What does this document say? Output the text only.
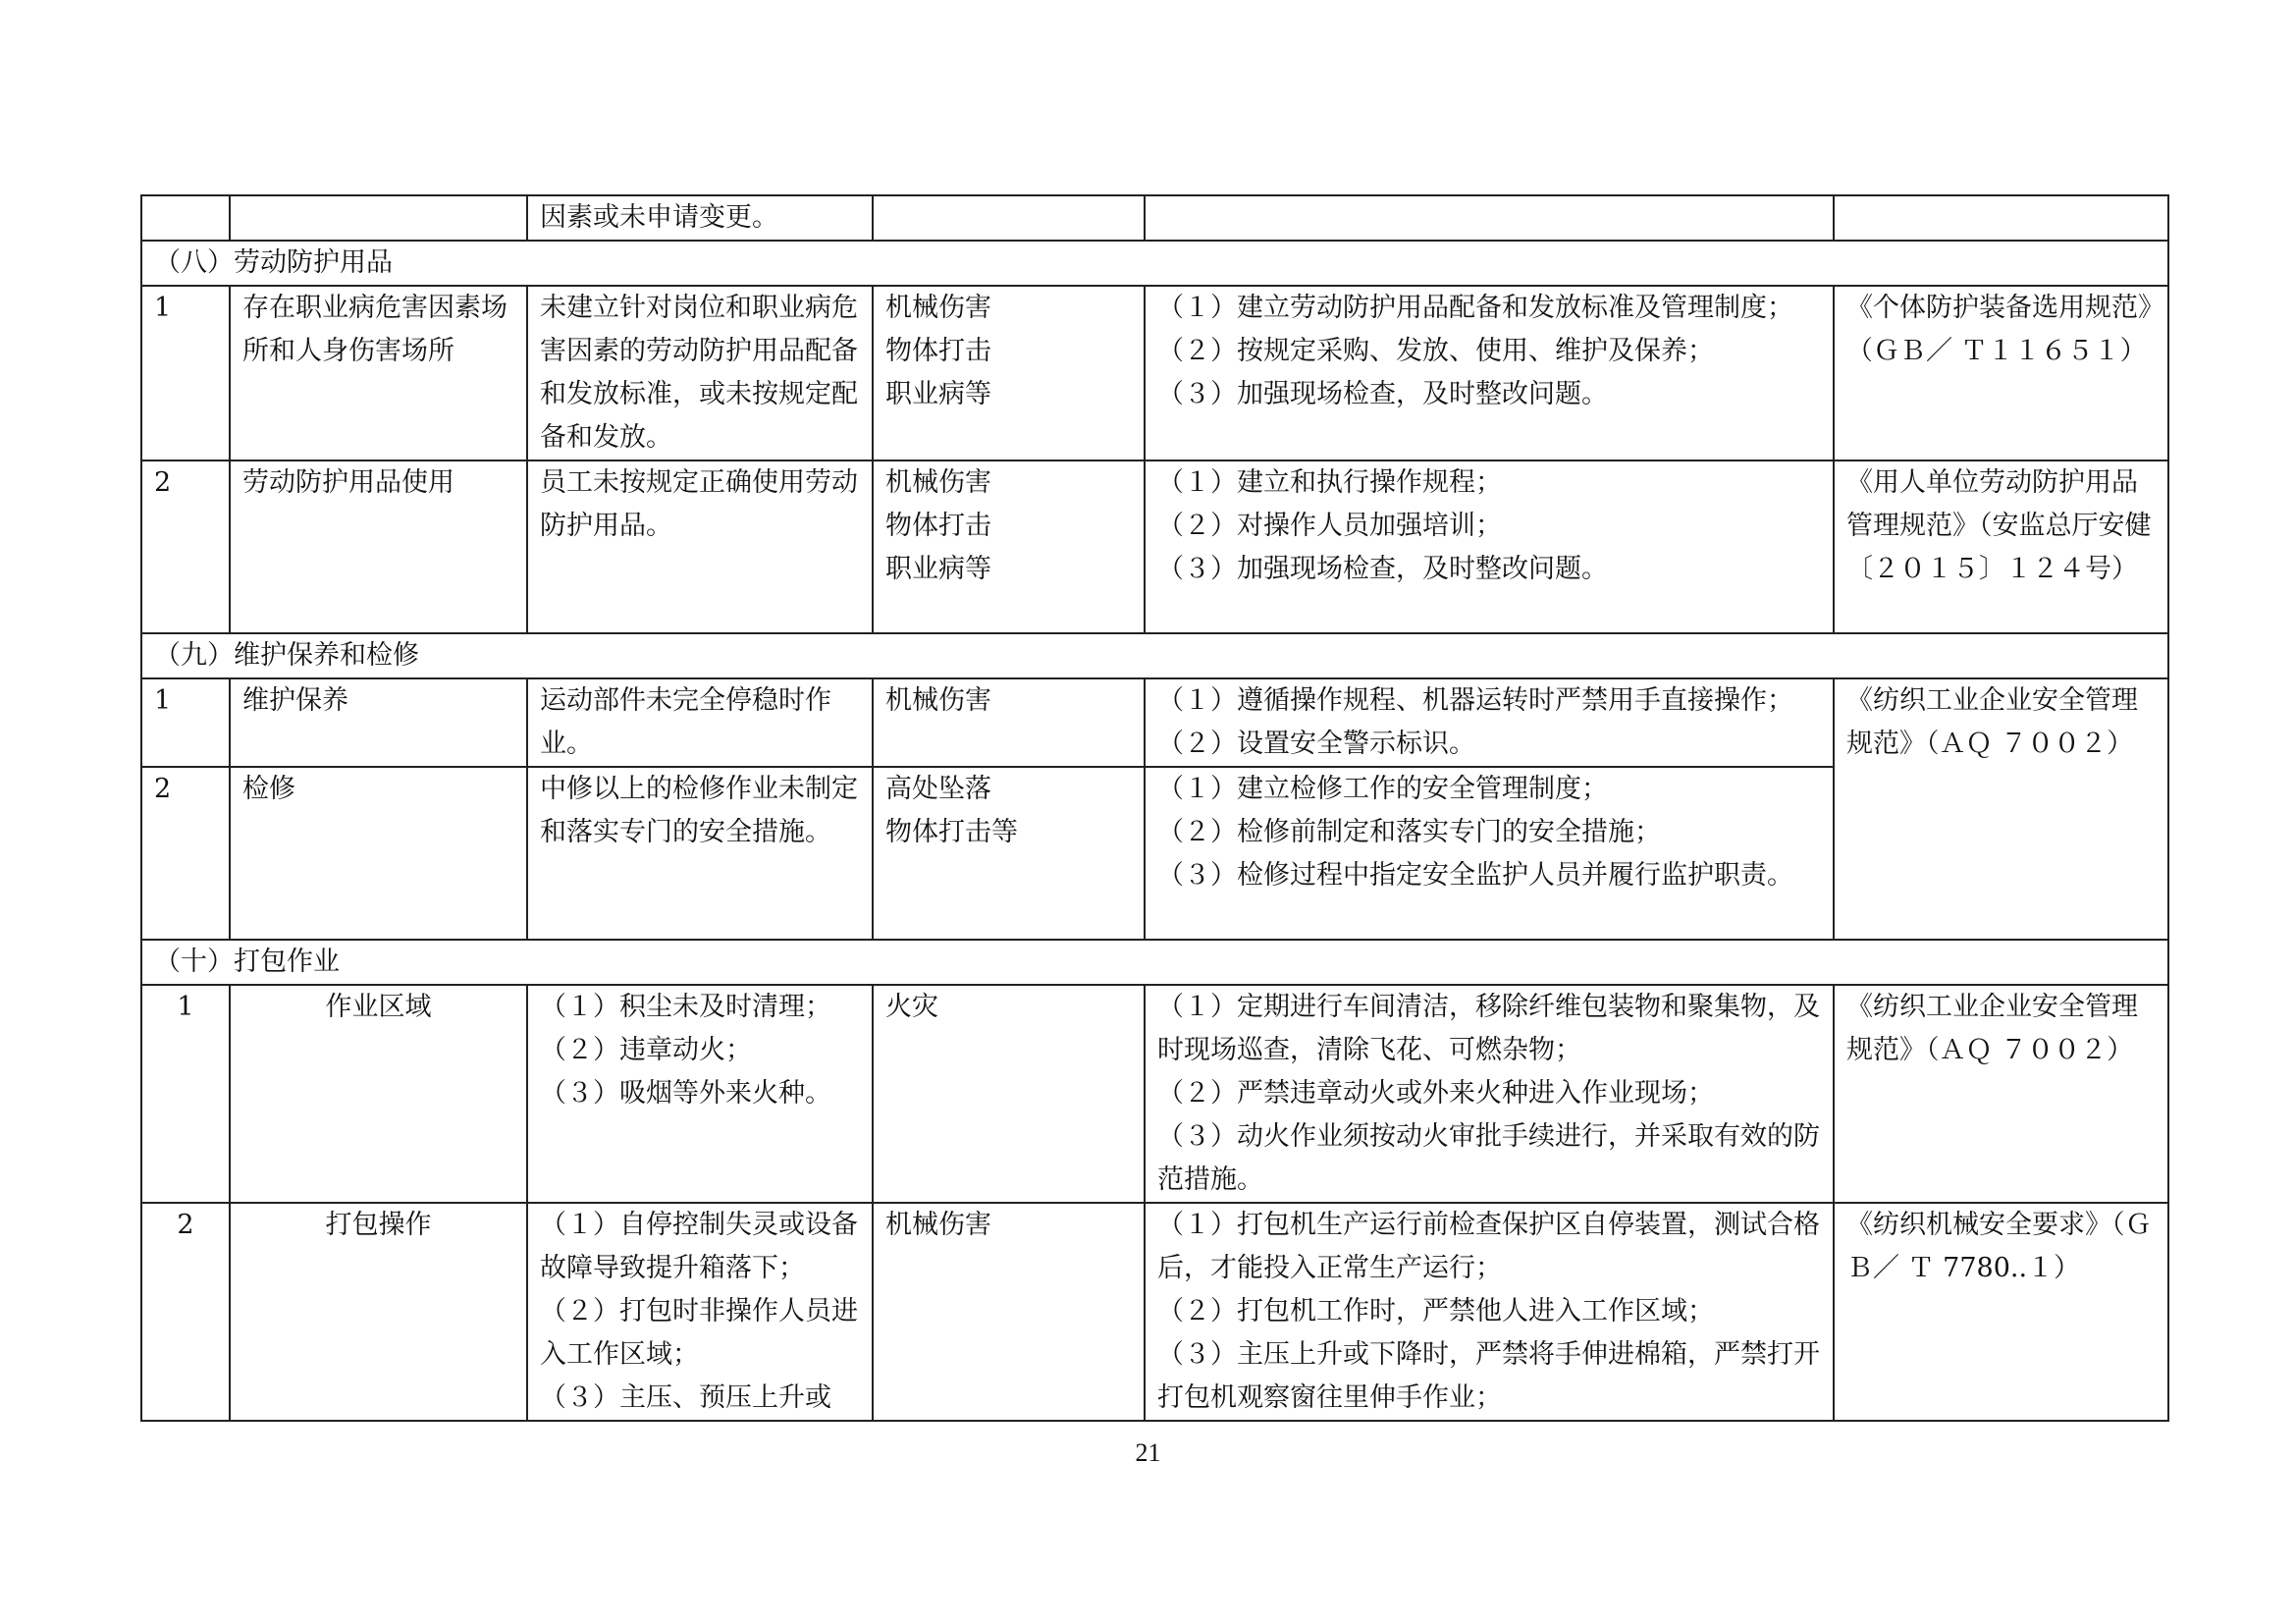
		因素或未申请变更。			
（八）劳动防护用品					
1	存在职业病危害因素场 所和人身伤害场所	未建立针对岗位和职业病危害因素的劳动防护用品配备和发放标准，或未按规定配备和发放。	机械伤害
物体打击
职业病等	（１）建立劳动防护用品配备和发放标准及管理制度；
（２）按规定采购、发放、使用、维护及保养；
（３）加强现场检查，及时整改问题。	《个体防护装备选用规范》（ＧＢ／ Ｔ１１６５１）
2	劳动防护用品使用	员工未按规定正确使用劳动防护用品。	机械伤害
物体打击
职业病等	（１）建立和执行操作规程；
（２）对操作人员加强培训；
（３）加强现场检查，及时整改问题。	《用人单位劳动防护用品管理规范》（安监总厅安健〔２０１５〕１２４号）
（九）维护保养和检修					
1	维护保养	运动部件未完全停稳时作业。	机械伤害	（１）遵循操作规程、机器运转时严禁用手直接操作；
（２）设置安全警示标识。	《纺织工业企业安全管理规范》（ＡＱ ７００２）
2	检修	中修以上的检修作业未制定和落实专门的安全措施。	高处坠落
物体打击等	（１）建立检修工作的安全管理制度；
（２）检修前制定和落实专门的安全措施；
（３）检修过程中指定安全监护人员并履行监护职责。	

（十）打包作业					
1	作业区域	（１）积尘未及时清理；
（２）违章动火；
（３）吸烟等外来火种。	火灾	（１）定期进行车间清洁，移除纤维包装物和聚集物，及时现场巡查，清除飞花、可燃杂物；
（２）严禁违章动火或外来火种进入作业现场；
（３）动火作业须按动火审批手续进行，并采取有效的防范措施。	《纺织工业企业安全管理规范》（ＡＱ ７００２）
2	打包操作	（１）自停控制失灵或设备故障导致提升箱落下；
（２）打包时非操作人员进入工作区域；
（３）主压、预压上升或	机械伤害	（１）打包机生产运行前检查保护区自停装置，测试合格后，才能投入正常生产运行；
（２）打包机工作时，严禁他人进入工作区域；
（３）主压上升或下降时，严禁将手伸进棉箱，严禁打开打包机观察窗往里伸手作业；	《纺织机械安全要求》（ＧＢ／ Ｔ 7780..１）
21
